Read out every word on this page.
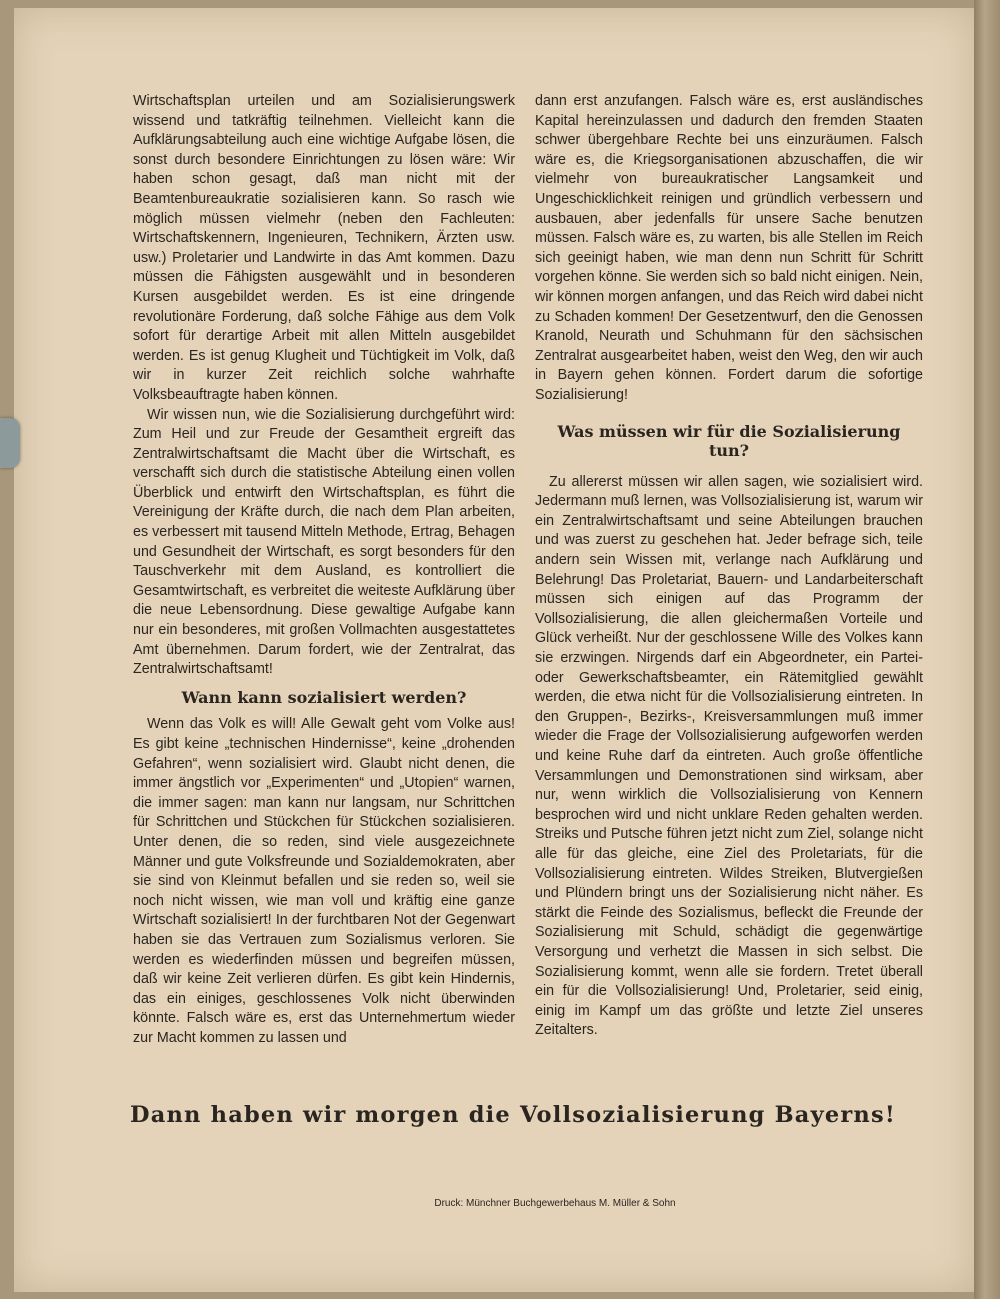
Wirtschaftsplan urteilen und am Sozialisierungswerk wissend und tatkräftig teilnehmen. Vielleicht kann die Aufklärungsabteilung auch eine wichtige Aufgabe lösen, die sonst durch besondere Einrichtungen zu lösen wäre: Wir haben schon gesagt, daß man nicht mit der Beamtenbureaukratie sozialisieren kann. So rasch wie möglich müssen vielmehr (neben den Fachleuten: Wirtschaftskennern, Ingenieuren, Technikern, Ärzten usw. usw.) Proletarier und Landwirte in das Amt kommen. Dazu müssen die Fähigsten ausgewählt und in besonderen Kursen ausgebildet werden. Es ist eine dringende revolutionäre Forderung, daß solche Fähige aus dem Volk sofort für derartige Arbeit mit allen Mitteln ausgebildet werden. Es ist genug Klugheit und Tüchtigkeit im Volk, daß wir in kurzer Zeit reichlich solche wahrhafte Volksbeauftragte haben können.

Wir wissen nun, wie die Sozialisierung durchgeführt wird: Zum Heil und zur Freude der Gesamtheit ergreift das Zentralwirtschaftsamt die Macht über die Wirtschaft, es verschafft sich durch die statistische Abteilung einen vollen Überblick und entwirft den Wirtschaftsplan, es führt die Vereinigung der Kräfte durch, die nach dem Plan arbeiten, es verbessert mit tausend Mitteln Methode, Ertrag, Behagen und Gesundheit der Wirtschaft, es sorgt besonders für den Tauschverkehr mit dem Ausland, es kontrolliert die Gesamtwirtschaft, es verbreitet die weiteste Aufklärung über die neue Lebensordnung. Diese gewaltige Aufgabe kann nur ein besonderes, mit großen Vollmachten ausgestattetes Amt übernehmen. Darum fordert, wie der Zentralrat, das Zentralwirtschaftsamt!

Wann kann sozialisiert werden?

Wenn das Volk es will! Alle Gewalt geht vom Volke aus! Es gibt keine „technischen Hindernisse“, keine „drohenden Gefahren“, wenn sozialisiert wird. Glaubt nicht denen, die immer ängstlich vor „Experimenten“ und „Utopien“ warnen, die immer sagen: man kann nur langsam, nur Schrittchen für Schrittchen und Stückchen für Stückchen sozialisieren. Unter denen, die so reden, sind viele ausgezeichnete Männer und gute Volksfreunde und Sozialdemokraten, aber sie sind von Kleinmut befallen und sie reden so, weil sie noch nicht wissen, wie man voll und kräftig eine ganze Wirtschaft sozialisiert! In der furchtbaren Not der Gegenwart haben sie das Vertrauen zum Sozialismus verloren. Sie werden es wiederfinden müssen und begreifen müssen, daß wir keine Zeit verlieren dürfen. Es gibt kein Hindernis, das ein einiges, geschlossenes Volk nicht überwinden könnte. Falsch wäre es, erst das Unternehmertum wieder zur Macht kommen zu lassen und

dann erst anzufangen. Falsch wäre es, erst ausländisches Kapital hereinzulassen und dadurch den fremden Staaten schwer übergehbare Rechte bei uns einzuräumen. Falsch wäre es, die Kriegsorganisationen abzuschaffen, die wir vielmehr von bureaukratischer Langsamkeit und Ungeschicklichkeit reinigen und gründlich verbessern und ausbauen, aber jedenfalls für unsere Sache benutzen müssen. Falsch wäre es, zu warten, bis alle Stellen im Reich sich geeinigt haben, wie man denn nun Schritt für Schritt vorgehen könne. Sie werden sich so bald nicht einigen. Nein, wir können morgen anfangen, und das Reich wird dabei nicht zu Schaden kommen! Der Gesetzentwurf, den die Genossen Kranold, Neurath und Schuhmann für den sächsischen Zentralrat ausgearbeitet haben, weist den Weg, den wir auch in Bayern gehen können. Fordert darum die sofortige Sozialisierung!

Was müssen wir für die Sozialisierung tun?

Zu allererst müssen wir allen sagen, wie sozialisiert wird. Jedermann muß lernen, was Vollsozialisierung ist, warum wir ein Zentralwirtschaftsamt und seine Abteilungen brauchen und was zuerst zu geschehen hat. Jeder befrage sich, teile andern sein Wissen mit, verlange nach Aufklärung und Belehrung! Das Proletariat, Bauern- und Landarbeiterschaft müssen sich einigen auf das Programm der Vollsozialisierung, die allen gleichermaßen Vorteile und Glück verheißt. Nur der geschlossene Wille des Volkes kann sie erzwingen. Nirgends darf ein Abgeordneter, ein Partei- oder Gewerkschaftsbeamter, ein Rätemitglied gewählt werden, die etwa nicht für die Vollsozialisierung eintreten. In den Gruppen-, Bezirks-, Kreisversammlungen muß immer wieder die Frage der Vollsozialisierung aufgeworfen werden und keine Ruhe darf da eintreten. Auch große öffentliche Versammlungen und Demonstrationen sind wirksam, aber nur, wenn wirklich die Vollsozialisierung von Kennern besprochen wird und nicht unklare Reden gehalten werden. Streiks und Putsche führen jetzt nicht zum Ziel, solange nicht alle für das gleiche, eine Ziel des Proletariats, für die Vollsozialisierung eintreten. Wildes Streiken, Blutvergießen und Plündern bringt uns der Sozialisierung nicht näher. Es stärkt die Feinde des Sozialismus, befleckt die Freunde der Sozialisierung mit Schuld, schädigt die gegenwärtige Versorgung und verhetzt die Massen in sich selbst. Die Sozialisierung kommt, wenn alle sie fordern. Tretet überall ein für die Vollsozialisierung! Und, Proletarier, seid einig, einig im Kampf um das größte und letzte Ziel unseres Zeitalters.

Dann haben wir morgen die Vollsozialisierung Bayerns!
Druck: Münchner Buchgewerbehaus M. Müller & Sohn
